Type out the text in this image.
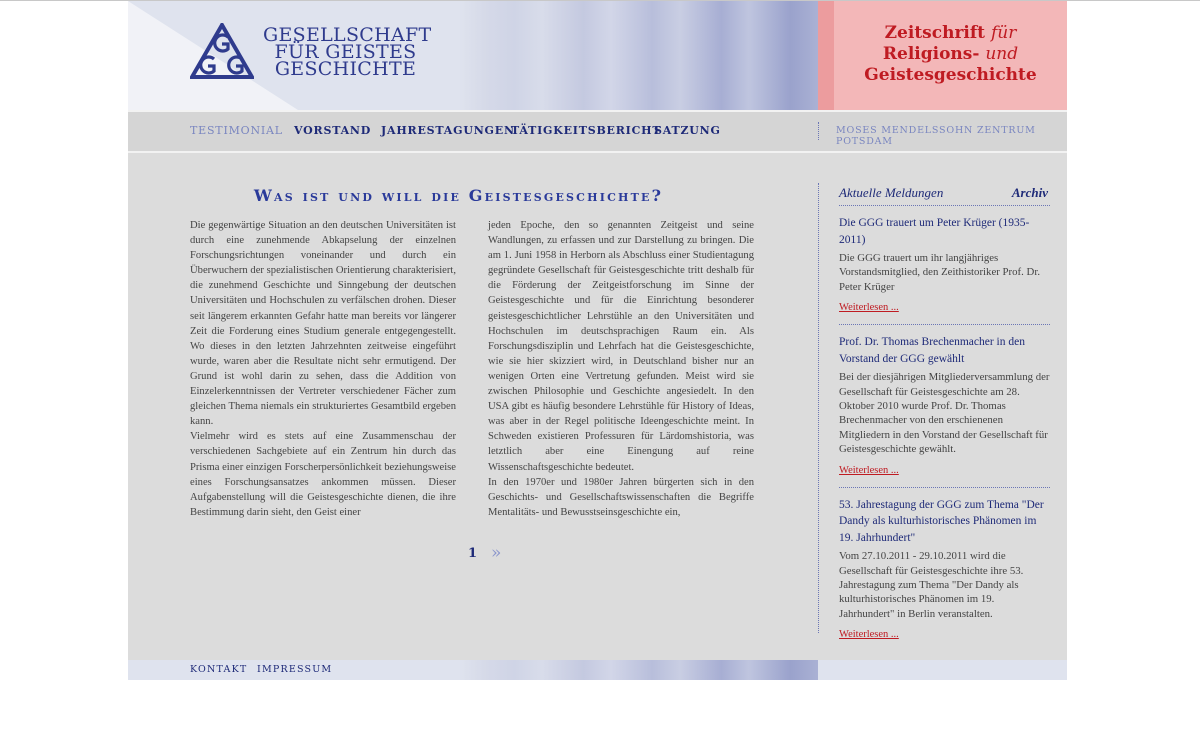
GESELLSCHAFT
FÜR GEISTES
GESCHICHTE
Zeitschrift für
Religions- und
Geistesgeschichte
TESTIMONIAL VORSTAND JAHRESTAGUNGEN
TÄTIGKEITSBERICHT
SATZUNG	MOSES MENDELSSOHN ZENTRUM POTSDAM
Was ist und will die Geistesgeschichte?

Die gegenwärtige Situation an den deutschen Universitäten ist durch eine zunehmende Abkapselung der einzelnen Forschungsrichtungen voneinander und durch ein Überwuchern der spezialistischen Orientierung charakterisiert, die zunehmend Geschichte und Sinngebung der deutschen Universitäten und Hochschulen zu verfälschen drohen. Dieser seit längerem erkannten Gefahr hatte man bereits vor längerer Zeit die Forderung eines Studium generale entgegengestellt. Wo dieses in den letzten Jahrzehnten zeitweise eingeführt wurde, waren aber die Resultate nicht sehr ermutigend. Der Grund ist wohl darin zu sehen, dass die Addition von Einzelerkenntnissen der Vertreter verschiedener Fächer zum gleichen Thema niemals ein strukturiertes Gesamtbild ergeben kann.

Vielmehr wird es stets auf eine Zusammenschau der verschiedenen Sachgebiete auf ein Zentrum hin durch das Prisma einer einzigen Forscherpersönlichkeit beziehungsweise eines Forschungsansatzes ankommen müssen. Dieser Aufgabenstellung will die Geistesgeschichte dienen, die ihre Bestimmung darin sieht, den Geist einer

jeden Epoche, den so genannten Zeitgeist und seine Wandlungen, zu erfassen und zur Darstellung zu bringen. Die am 1. Juni 1958 in Herborn als Abschluss einer Studientagung gegründete Gesellschaft für Geistesgeschichte tritt deshalb für die Förderung der Zeitgeistforschung im Sinne der Geistesgeschichte und für die Einrichtung besonderer geistesgeschichtlicher Lehrstühle an den Universitäten und Hochschulen im deutschsprachigen Raum ein. Als Forschungsdisziplin und Lehrfach hat die Geistesgeschichte, wie sie hier skizziert wird, in Deutschland bisher nur an wenigen Orten eine Vertretung gefunden. Meist wird sie zwischen Philosophie und Geschichte angesiedelt. In den USA gibt es häufig besondere Lehrstühle für History of Ideas, was aber in der Regel politische Ideengeschichte meint. In Schweden existieren Professuren für Lärdomshistoria, was letztlich aber eine Einengung auf reine Wissenschaftsgeschichte bedeutet.

In den 1970er und 1980er Jahren bürgerten sich in den Geschichts- und Gesellschaftswissenschaften die Begriffe Mentalitäts- und Bewusstseinsgeschichte ein,

1 »
Aktuelle Meldungen	Archiv
Die GGG trauert um Peter Krüger (1935-2011)
Die GGG trauert um ihr langjähriges Vorstandsmitglied, den Zeithistoriker Prof. Dr. Peter Krüger
Weiterlesen ...
Prof. Dr. Thomas Brechenmacher in den Vorstand der GGG gewählt
Bei der diesjährigen Mitgliederversammlung der Gesellschaft für Geistesgeschichte am 28. Oktober 2010 wurde Prof. Dr. Thomas Brechenmacher von den erschienenen Mitgliedern in den Vorstand der Gesellschaft für Geistesgeschichte gewählt.
Weiterlesen ...
53. Jahrestagung der GGG zum Thema "Der Dandy als kulturhistorisches Phänomen im 19. Jahrhundert"
Vom 27.10.2011 - 29.10.2011 wird die Gesellschaft für Geistesgeschichte ihre 53. Jahrestagung zum Thema "Der Dandy als kulturhistorisches Phänomen im 19. Jahrhundert" in Berlin veranstalten.
Weiterlesen ...
KONTAKT IMPRESSUM
